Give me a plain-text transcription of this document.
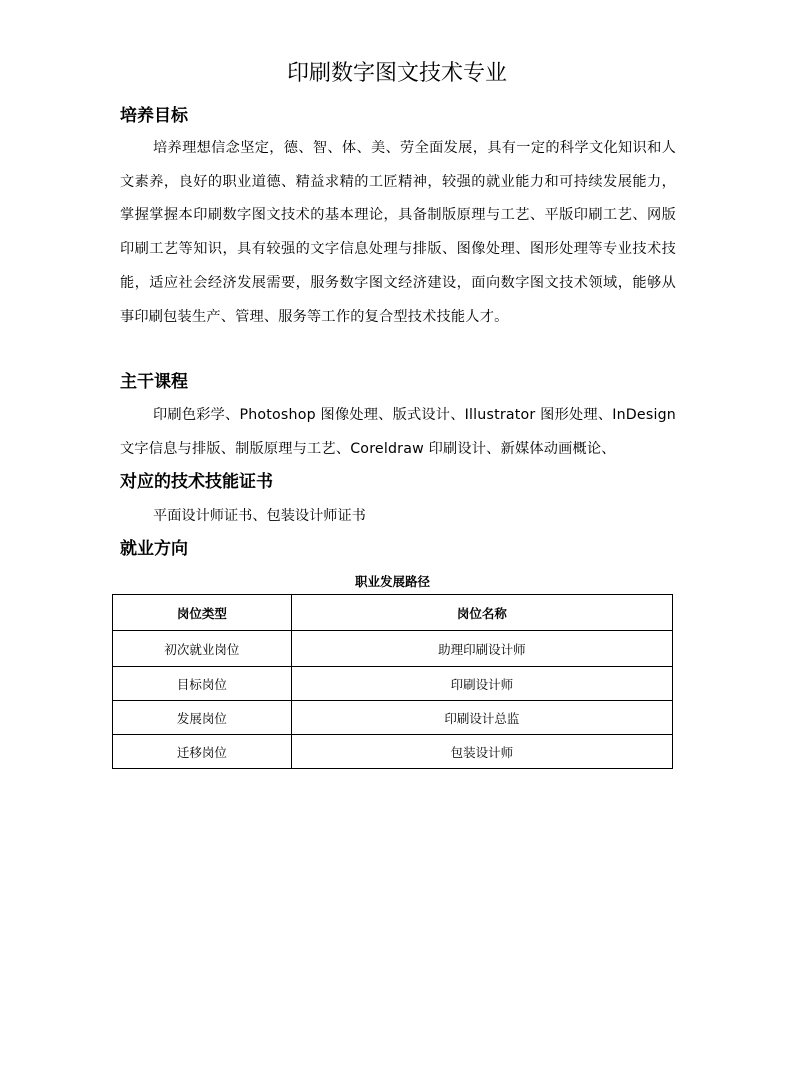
印刷数字图文技术专业
培养目标

培养理想信念坚定，德、智、体、美、劳全面发展，具有一定的科学文化知识和人文素养，良好的职业道德、精益求精的工匠精神，较强的就业能力和可持续发展能力，掌握掌握本印刷数字图文技术的基本理论，具备制版原理与工艺、平版印刷工艺、网版印刷工艺等知识，具有较强的文字信息处理与排版、图像处理、图形处理等专业技术技能，适应社会经济发展需要，服务数字图文经济建设，面向数字图文技术领域，能够从事印刷包装生产、管理、服务等工作的复合型技术技能人才。

主干课程

印刷色彩学、Photoshop 图像处理、版式设计、Illustrator 图形处理、InDesign 文字信息与排版、制版原理与工艺、Coreldraw 印刷设计、新媒体动画概论、

对应的技术技能证书

平面设计师证书、包装设计师证书

就业方向

职业发展路径

岗位类型	岗位名称
初次就业岗位	助理印刷设计师
目标岗位	印刷设计师
发展岗位	印刷设计总监
迁移岗位	包装设计师
